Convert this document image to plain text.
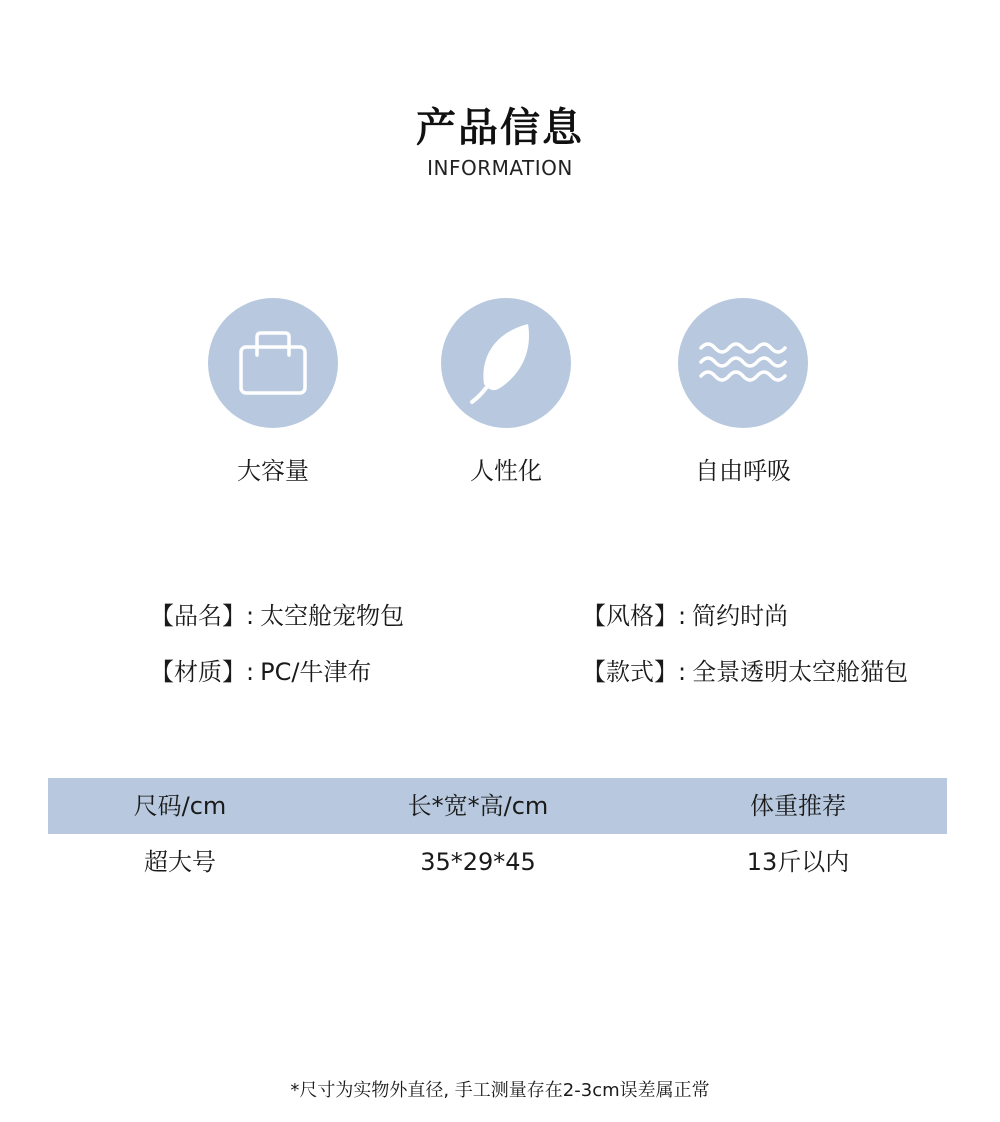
产品信息
INFORMATION
大容量	人性化	自由呼吸
【品名】: 太空舱宠物包	【风格】: 简约时尚
【材质】: PC/牛津布	【款式】: 全景透明太空舱猫包
尺码/cm	长*宽*高/cm	体重推荐
超大号	35*29*45	13斤以内
*尺寸为实物外直径, 手工测量存在2-3cm误差属正常
